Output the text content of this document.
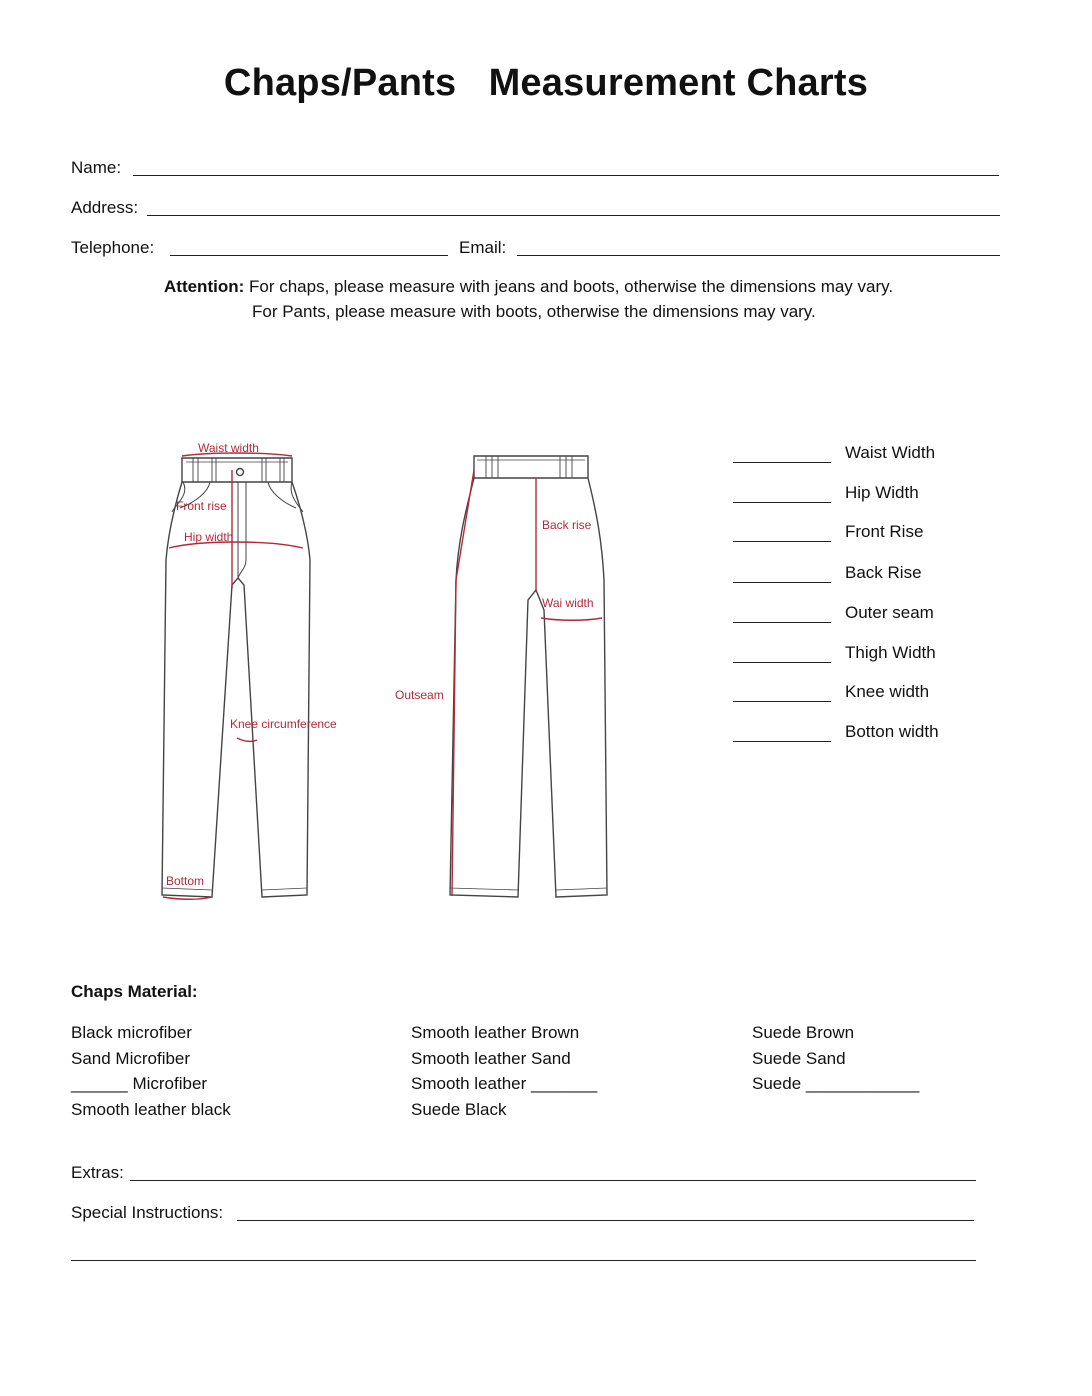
Chaps/Pants   Measurement Charts
Name:
Address:
Telephone:	Email:
Attention: For chaps, please measure with jeans and boots, otherwise the dimensions may vary.
For Pants, please measure with boots, otherwise the dimensions may vary.
Waist width
Front rise
Hip width
Knee circumference
Bottom
Back rise
Wai width
Outseam
Waist Width
Hip Width
Front Rise
Back Rise
Outer seam
Thigh Width
Knee width
Botton width
Chaps Material:
Black microfiber
Sand Microfiber
______ Microfiber
Smooth leather black
Smooth leather Brown
Smooth leather Sand
Smooth leather _______
Suede Black
Suede Brown
Suede Sand
Suede ____________
Extras:
Special Instructions:
